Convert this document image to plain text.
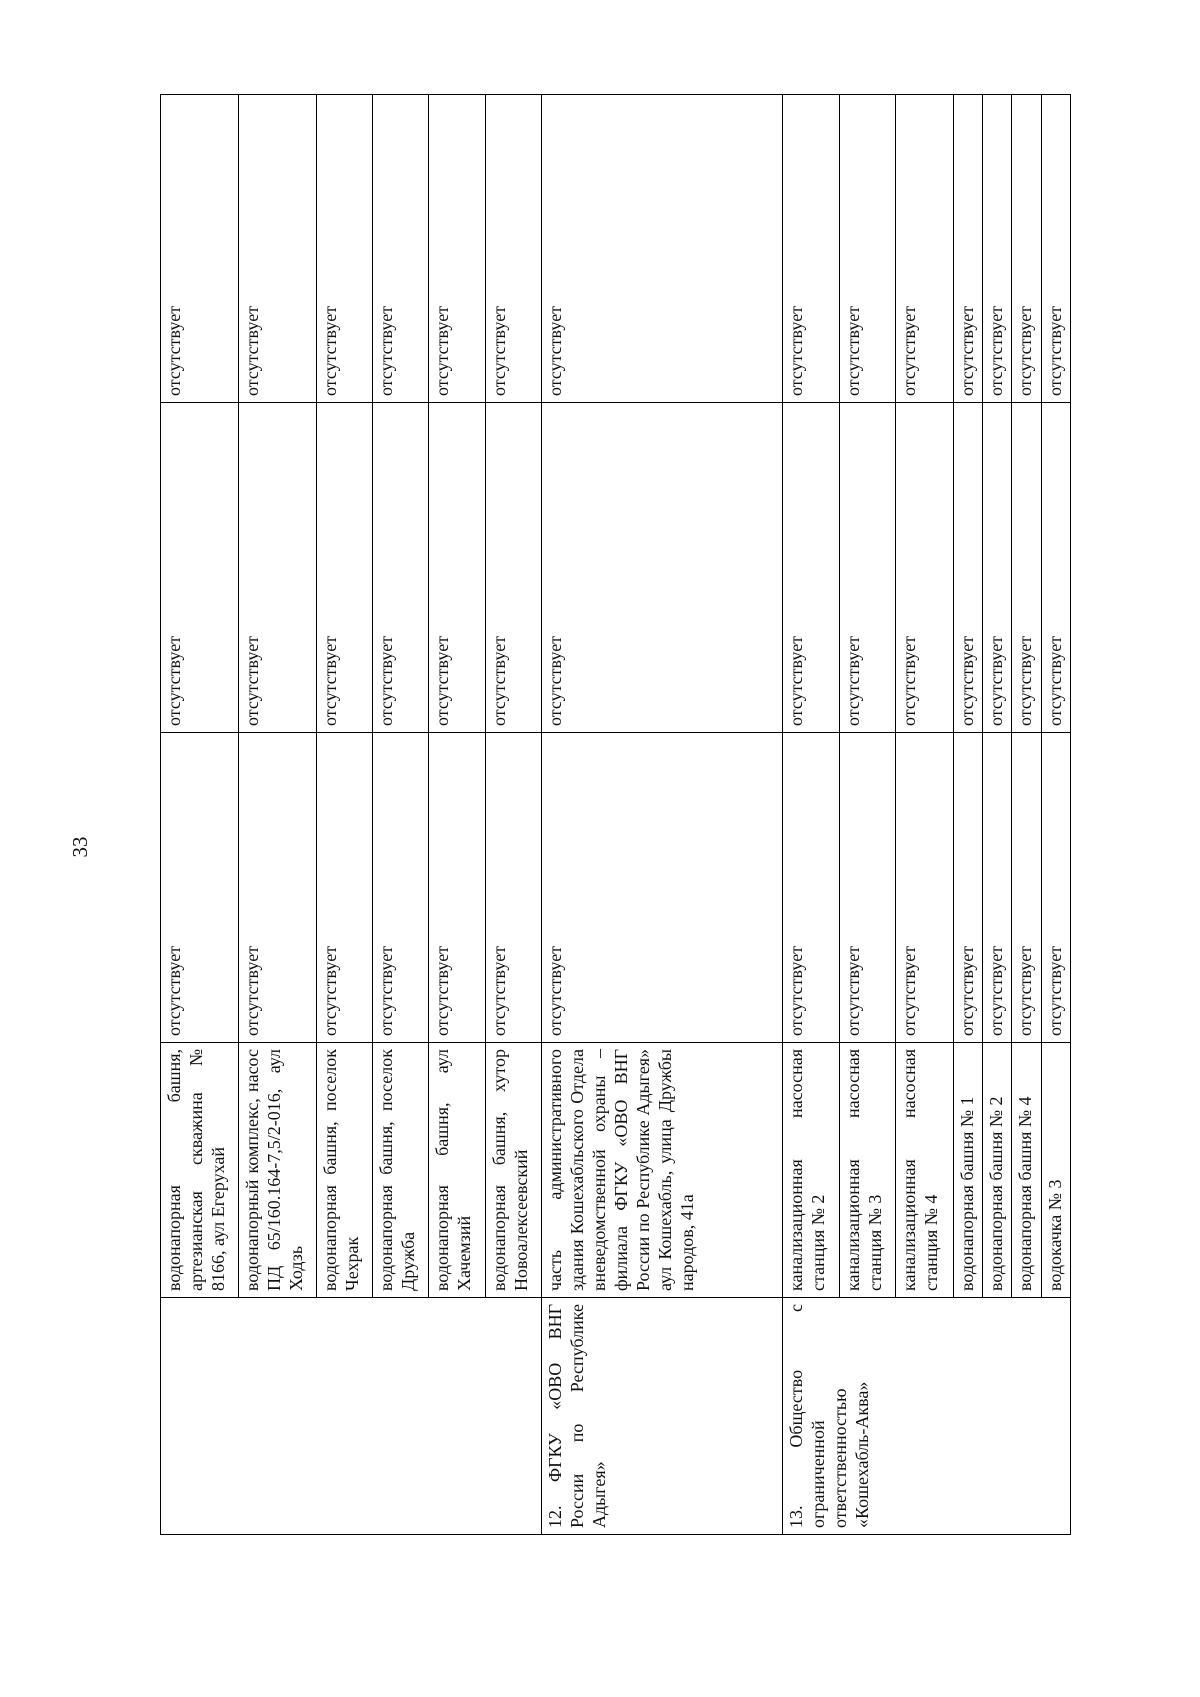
33
	водонапорная башня, артезианская скважина № 8166, аул Егерухай	отсутствует	отсутствует	отсутствует
	водонапорный комплекс, насос ПД 65/160.164-7,5/2-016, аул Ходзь	отсутствует	отсутствует	отсутствует
	водонапорная башня, поселок Чехрак	отсутствует	отсутствует	отсутствует
	водонапорная башня, поселок Дружба	отсутствует	отсутствует	отсутствует
	водонапорная башня, аул Хачемзий	отсутствует	отсутствует	отсутствует
	водонапорная башня, хутор Новоалексеевский	отсутствует	отсутствует	отсутствует
12. ФГКУ «ОВО ВНГ России по Республике Адыгея»	часть административного здания Кошехабльского Отдела вневедомственной охраны – филиала ФГКУ «ОВО ВНГ России по Республике Адыгея» аул Кошехабль, улица Дружбы народов, 41а	отсутствует	отсутствует	отсутствует
13. Общество с ограниченной ответственностью «Кошехабль-Аква»	канализационная насосная станция № 2	отсутствует	отсутствует	отсутствует
	канализационная насосная станция № 3	отсутствует	отсутствует	отсутствует
	канализационная насосная станция № 4	отсутствует	отсутствует	отсутствует
	водонапорная башня № 1	отсутствует	отсутствует	отсутствует
	водонапорная башня № 2	отсутствует	отсутствует	отсутствует
	водонапорная башня № 4	отсутствует	отсутствует	отсутствует
	водокачка № 3	отсутствует	отсутствует	отсутствует
